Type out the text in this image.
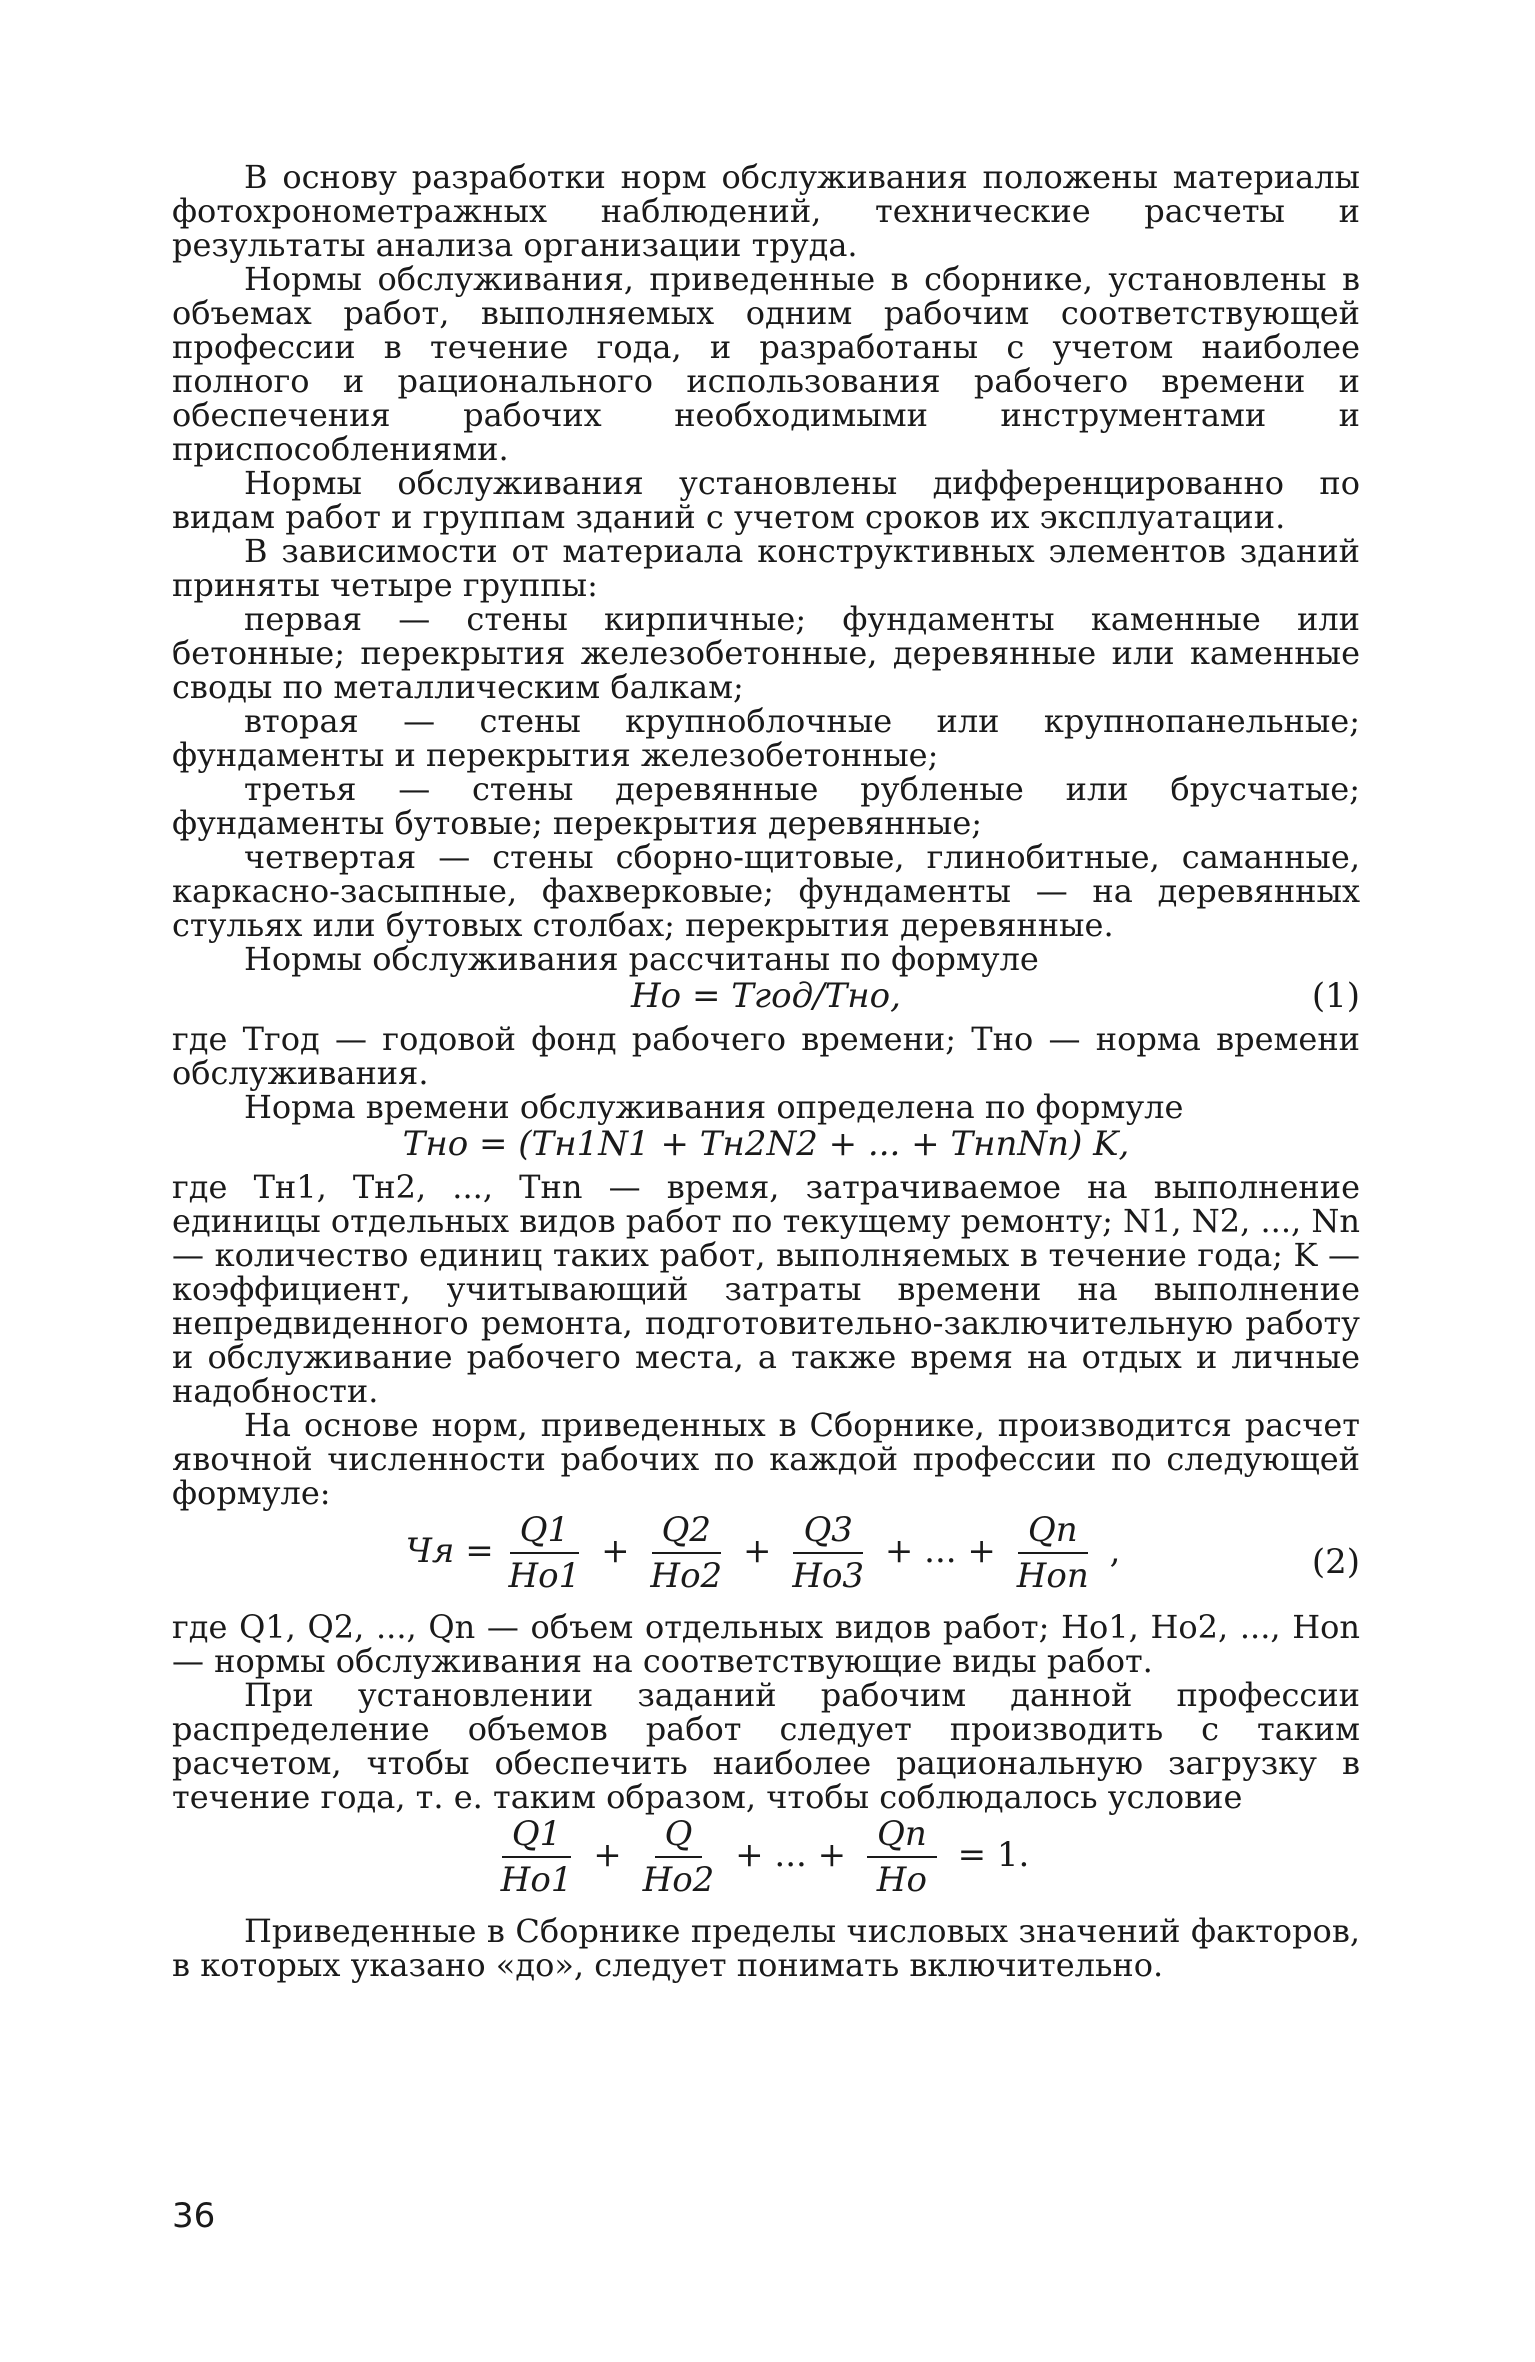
В основу разработки норм обслуживания положены материалы фотохронометражных наблюдений, технические расчеты и результаты анализа организации труда.

Нормы обслуживания, приведенные в сборнике, установлены в объемах работ, выполняемых одним рабочим соответствующей профессии в течение года, и разработаны с учетом наиболее полного и рационального использования рабочего времени и обеспечения рабочих необходимыми инструментами и приспособлениями.

Нормы обслуживания установлены дифференцированно по видам работ и группам зданий с учетом сроков их эксплуатации.

В зависимости от материала конструктивных элементов зданий приняты четыре группы:

первая — стены кирпичные; фундаменты каменные или бетонные; перекрытия железобетонные, деревянные или каменные своды по металлическим балкам;

вторая — стены крупноблочные или крупнопанельные; фундаменты и перекрытия железобетонные;

третья — стены деревянные рубленые или брусчатые; фундаменты бутовые; перекрытия деревянные;

четвертая — стены сборно-щитовые, глинобитные, саманные, каркасно-засыпные, фахверковые; фундаменты — на деревянных стульях или бутовых столбах; перекрытия деревянные.

Нормы обслуживания рассчитаны по формуле

Hо = Tгод/Tно,	(1)

где Tгод — годовой фонд рабочего времени; Tно — норма времени обслуживания.

Норма времени обслуживания определена по формуле

Tно = (Tн1N1 + Tн2N2 + ... + TнnNn) K,

где Tн1, Tн2, ..., Tнn — время, затрачиваемое на выполнение единицы отдельных видов работ по текущему ремонту; N1, N2, ..., Nn — количество единиц таких работ, выполняемых в течение года; K — коэффициент, учитывающий затраты времени на выполнение непредвиденного ремонта, подготовительно-заключительную работу и обслуживание рабочего места, а также время на отдых и личные надобности.

На основе норм, приведенных в Сборнике, производится расчет явочной численности рабочих по каждой профессии по следующей формуле:

Чя = $\frac{Q1}{Hо1} + \frac{Q2}{Hо2} + \frac{Q3}{Hо3}$ + ... + $\frac{Qn}{\text{Hоn}}$ ,	(2)

где Q1, Q2, ..., Qn — объем отдельных видов работ; Hо1, Hо2, ..., Hоn — нормы обслуживания на соответствующие виды работ.

При установлении заданий рабочим данной профессии распределение объемов работ следует производить с таким расчетом, чтобы обеспечить наиболее рациональную загрузку в течение года, т. е. таким образом, чтобы соблюдалось условие

$\frac{Q1}{Hо1} + \frac{Q}{Hо2}$ + ... + $\frac{Qn}{Hо} = 1$.

Приведенные в Сборнике пределы числовых значений факторов, в которых указано «до», следует понимать включительно.

36
